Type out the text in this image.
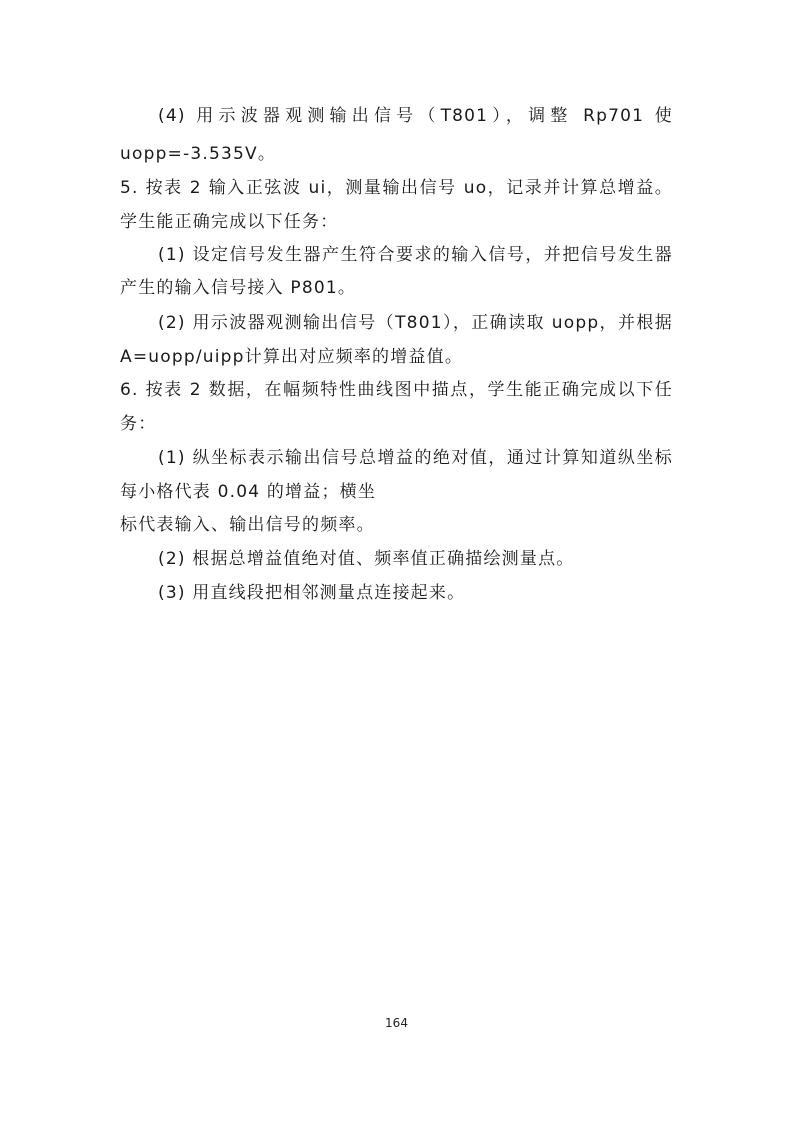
(4) 用示波器观测输出信号（T801），调整 Rp701 使

uopp=-3.535V。

5. 按表 2 输入正弦波 ui，测量输出信号 uo，记录并计算总增益。

学生能正确完成以下任务：

(1) 设定信号发生器产生符合要求的输入信号，并把信号发生器

产生的输入信号接入 P801。

(2) 用示波器观测输出信号（T801），正确读取 uopp，并根据

A=uopp/uipp计算出对应频率的增益值。

6. 按表 2 数据，在幅频特性曲线图中描点，学生能正确完成以下任

务：

(1) 纵坐标表示输出信号总增益的绝对值，通过计算知道纵坐标

每小格代表 0.04 的增益；横坐

标代表输入、输出信号的频率。

(2) 根据总增益值绝对值、频率值正确描绘测量点。

(3) 用直线段把相邻测量点连接起来。

164
